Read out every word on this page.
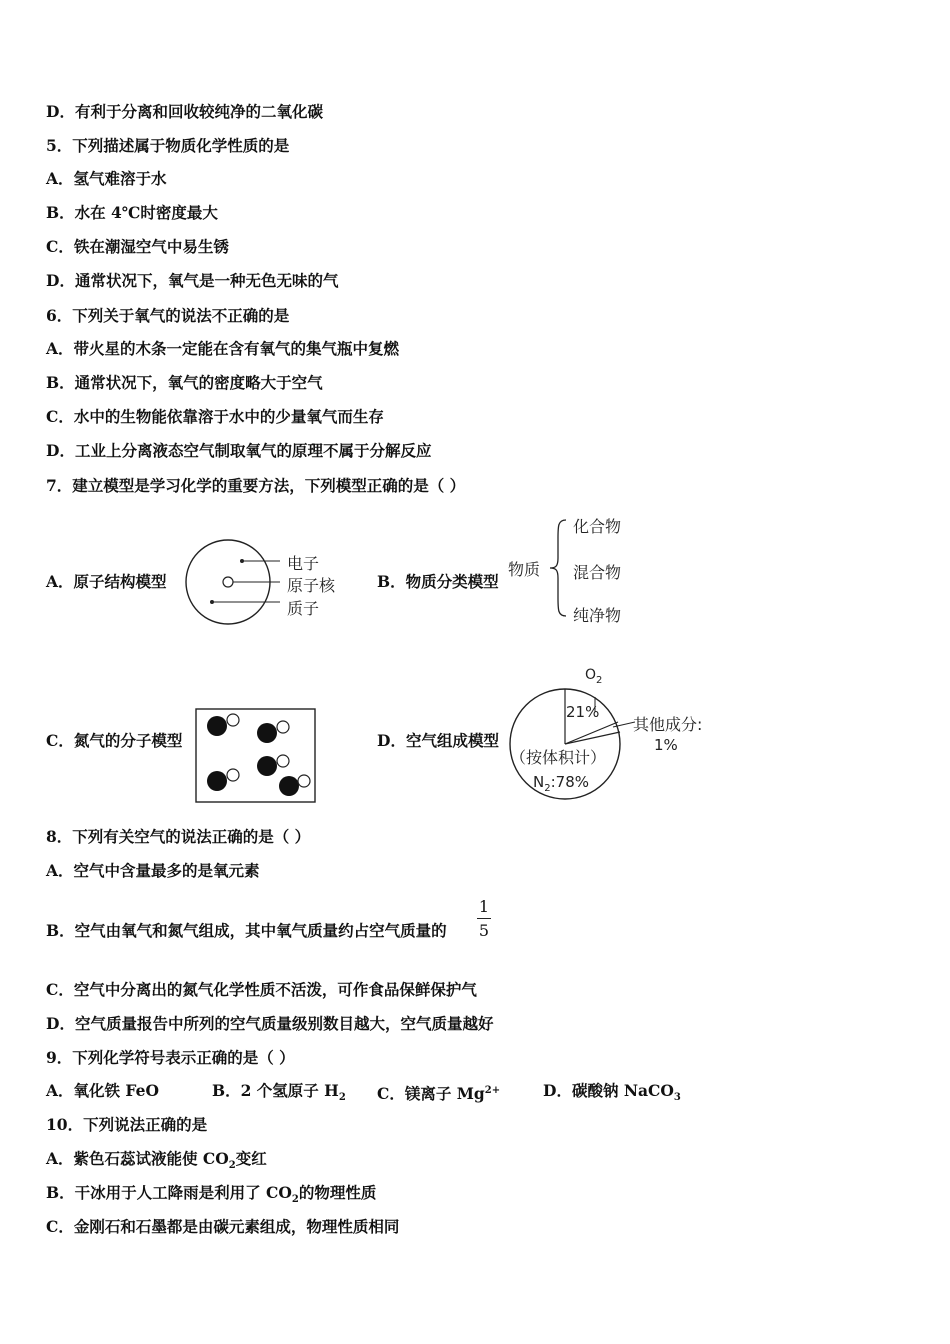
D．有利于分离和回收较纯净的二氧化碳
5．下列描述属于物质化学性质的是
A．氢气难溶于水
B．水在 4℃时密度最大
C．铁在潮湿空气中易生锈
D．通常状况下，氧气是一种无色无味的气
6．下列关于氧气的说法不正确的是
A．带火星的木条一定能在含有氧气的集气瓶中复燃
B．通常状况下，氧气的密度略大于空气
C．水中的生物能依靠溶于水中的少量氧气而生存
D．工业上分离液态空气制取氧气的原理不属于分解反应
7．建立模型是学习化学的重要方法，下列模型正确的是（ ）
A．原子结构模型
电子
原子核
质子
B．物质分类模型
物质
化合物
混合物
纯净物
C．氮气的分子模型	D．空气组成模型
$O_2$
21%
其他成分:
1%
（按体积计）
$N_2:78\%$
8．下列有关空气的说法正确的是（ ）
A．空气中含量最多的是氧元素
B．空气由氧气和氮气组成，其中氧气质量约占空气质量的
1
5
C．空气中分离出的氮气化学性质不活泼，可作食品保鲜保护气
D．空气质量报告中所列的空气质量级别数目越大，空气质量越好
9．下列化学符号表示正确的是（ ）
A．氧化铁 FeO	B．2 个氢原子 $H_2$ C．镁离子 $Mg^{2+}$	D．碳酸钠 NaCO$_3$
10．下列说法正确的是
A．紫色石蕊试液能使 $CO_2$变红
B．干冰用于人工降雨是利用了 $CO_2$的物理性质
C．金刚石和石墨都是由碳元素组成，物理性质相同
